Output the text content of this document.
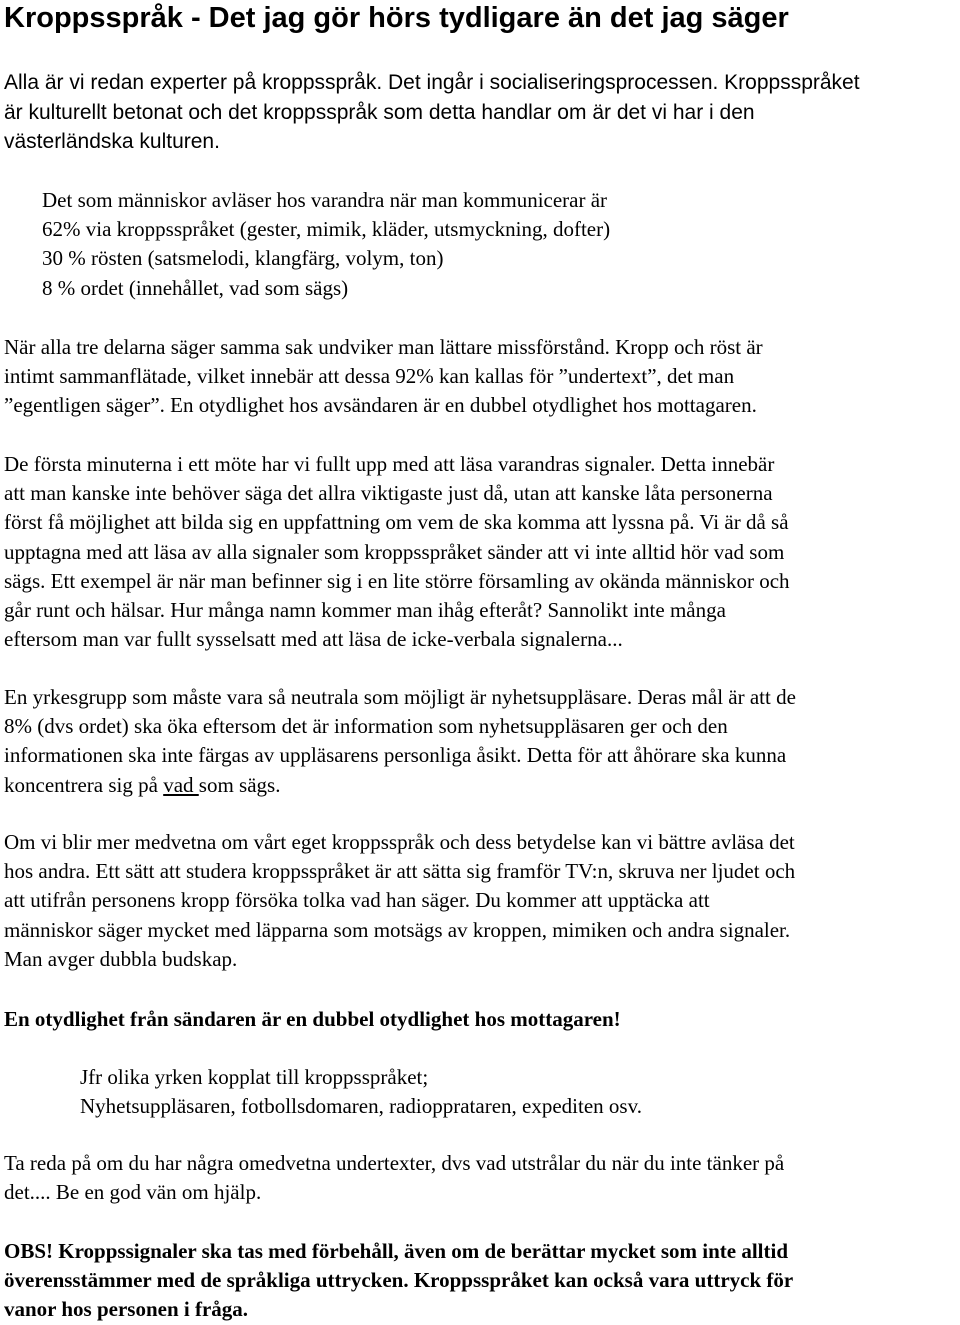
Kroppsspråk - Det jag gör hörs tydligare än det jag säger

Alla är vi redan experter på kroppsspråk. Det ingår i socialiseringsprocessen. Kroppsspråket
är kulturellt betonat och det kroppsspråk som detta handlar om är det vi har i den
västerländska kulturen.

Det som människor avläser hos varandra när man kommunicerar är
62% via kroppsspråket (gester, mimik, kläder, utsmyckning, dofter)
30 % rösten (satsmelodi, klangfärg, volym, ton)
8 % ordet (innehållet, vad som sägs)

När alla tre delarna säger samma sak undviker man lättare missförstånd. Kropp och röst är
intimt sammanflätade, vilket innebär att dessa 92% kan kallas för ”undertext”, det man
”egentligen säger”. En otydlighet hos avsändaren är en dubbel otydlighet hos mottagaren.

De första minuterna i ett möte har vi fullt upp med att läsa varandras signaler. Detta innebär
att man kanske inte behöver säga det allra viktigaste just då, utan att kanske låta personerna
först få möjlighet att bilda sig en uppfattning om vem de ska komma att lyssna på. Vi är då så
upptagna med att läsa av alla signaler som kroppsspråket sänder att vi inte alltid hör vad som
sägs. Ett exempel är när man befinner sig i en lite större församling av okända människor och
går runt och hälsar. Hur många namn kommer man ihåg efteråt? Sannolikt inte många
eftersom man var fullt sysselsatt med att läsa de icke-verbala signalerna...

En yrkesgrupp som måste vara så neutrala som möjligt är nyhetsuppläsare. Deras mål är att de
8% (dvs ordet) ska öka eftersom det är information som nyhetsuppläsaren ger och den
informationen ska inte färgas av uppläsarens personliga åsikt. Detta för att åhörare ska kunna
koncentrera sig på vad som sägs.

Om vi blir mer medvetna om vårt eget kroppsspråk och dess betydelse kan vi bättre avläsa det
hos andra. Ett sätt att studera kroppsspråket är att sätta sig framför TV:n, skruva ner ljudet och
att utifrån personens kropp försöka tolka vad han säger. Du kommer att upptäcka att
människor säger mycket med läpparna som motsägs av kroppen, mimiken och andra signaler.
Man avger dubbla budskap.

En otydlighet från sändaren är en dubbel otydlighet hos mottagaren!

Jfr olika yrken kopplat till kroppsspråket;
Nyhetsuppläsaren, fotbollsdomaren, radiopprataren, expediten osv.

Ta reda på om du har några omedvetna undertexter, dvs vad utstrålar du när du inte tänker på
det.... Be en god vän om hjälp.

OBS! Kroppssignaler ska tas med förbehåll, även om de berättar mycket som inte alltid
överensstämmer med de språkliga uttrycken. Kroppsspråket kan också vara uttryck för
vanor hos personen i fråga.
